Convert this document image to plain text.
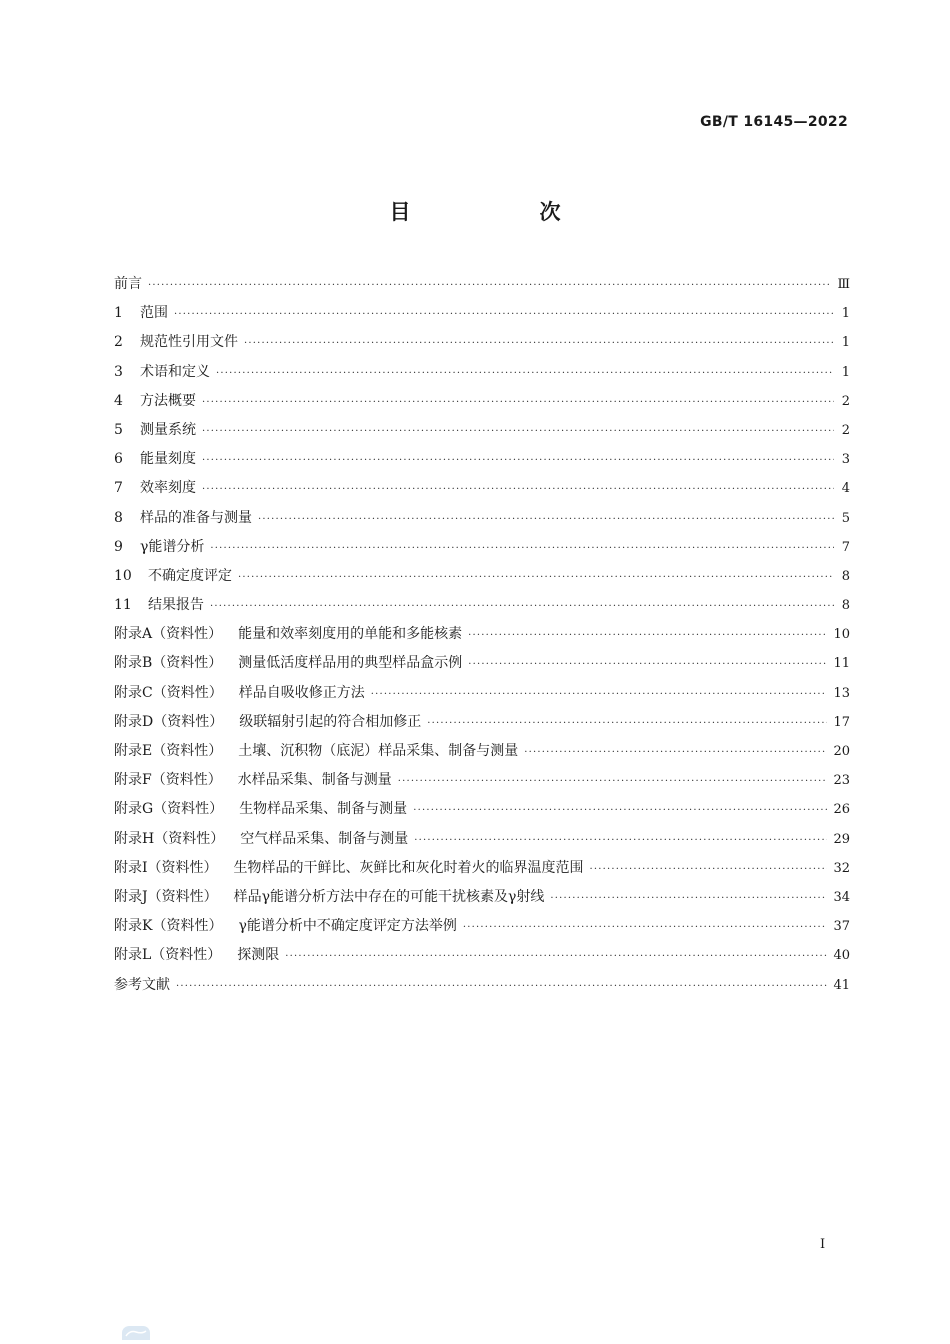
GB/T 16145—2022
目　次
前言 ·····	Ⅲ
1 范围 ·····	1
2 规范性引用文件 ·····	1
3 术语和定义 ·····	1
4 方法概要 ·····	2
5 测量系统 ·····	2
6 能量刻度 ·····	3
7 效率刻度 ·····	4
8 样品的准备与测量 ·····	5
9 γ能谱分析 ·····	7
10 不确定度评定 ·····	8
11 结果报告 ·····	8
附录A（资料性） 能量和效率刻度用的单能和多能核素 ·····	10
附录B（资料性） 测量低活度样品用的典型样品盒示例 ·····	11
附录C（资料性） 样品自吸收修正方法 ·····	13
附录D（资料性） 级联辐射引起的符合相加修正 ·····	17
附录E（资料性） 土壤、沉积物（底泥）样品采集、制备与测量 ·····	20
附录F（资料性） 水样品采集、制备与测量 ·····	23
附录G（资料性） 生物样品采集、制备与测量 ·····	26
附录H（资料性） 空气样品采集、制备与测量 ·····	29
附录I（资料性） 生物样品的干鲜比、灰鲜比和灰化时着火的临界温度范围 ·····	32
附录J（资料性） 样品γ能谱分析方法中存在的可能干扰核素及γ射线 ·····	34
附录K（资料性） γ能谱分析中不确定度评定方法举例 ·····	37
附录L（资料性） 探测限 ·····	40
参考文献 ·····	41
Ⅰ
